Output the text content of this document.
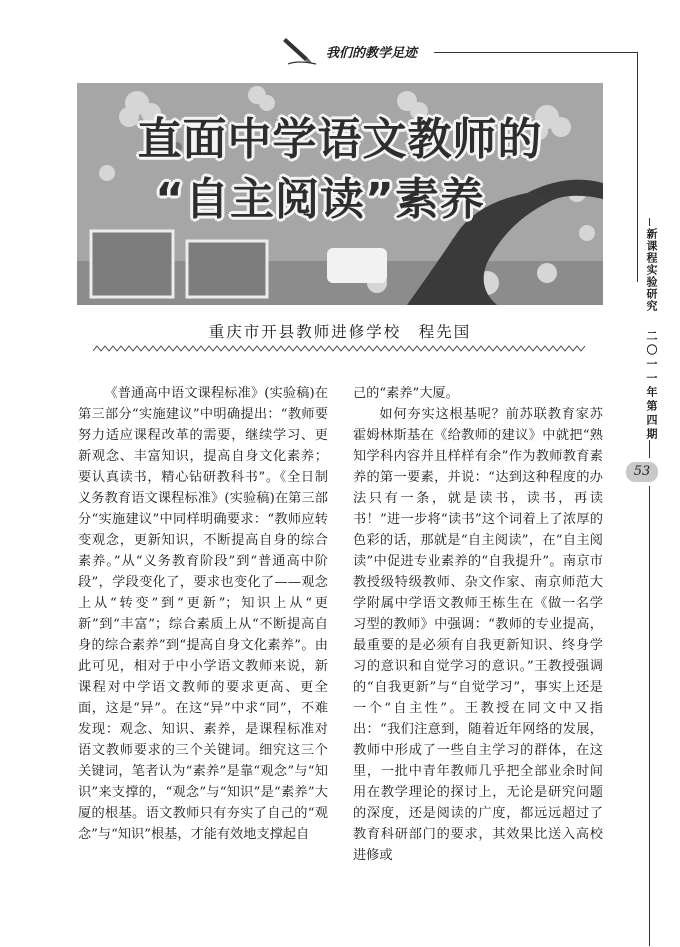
我们的教学足迹
直面中学语文教师的
“自主阅读”素养
重庆市开县教师进修学校　程先国

《普通高中语文课程标准》(实验稿)在第三部分“实施建议”中明确提出：“教师要努力适应课程改革的需要，继续学习、更新观念、丰富知识，提高自身文化素养；要认真读书，精心钻研教科书”。《全日制义务教育语文课程标准》(实验稿)在第三部分“实施建议”中同样明确要求：“教师应转变观念，更新知识，不断提高自身的综合素养。”从“义务教育阶段”到“普通高中阶段”，学段变化了，要求也变化了——观念上从“转变”到“更新”；知识上从“更新”到“丰富”；综合素质上从“不断提高自身的综合素养”到“提高自身文化素养”。由此可见，相对于中小学语文教师来说，新课程对中学语文教师的要求更高、更全面，这是“异”。在这“异”中求“同”，不难发现：观念、知识、素养，是课程标准对语文教师要求的三个关键词。细究这三个关键词，笔者认为“素养”是靠“观念”与“知识”来支撑的，“观念”与“知识”是“素养”大厦的根基。语文教师只有夯实了自己的“观念”与“知识”根基，才能有效地支撑起自

己的“素养”大厦。

如何夯实这根基呢？前苏联教育家苏霍姆林斯基在《给教师的建议》中就把“熟知学科内容并且样样有余”作为教师教育素养的第一要素，并说：“达到这种程度的办法只有一条，就是读书，读书，再读书！”进一步将“读书”这个词着上了浓厚的色彩的话，那就是“自主阅读”，在“自主阅读”中促进专业素养的“自我提升”。南京市教授级特级教师、杂文作家、南京师范大学附属中学语文教师王栋生在《做一名学习型的教师》中强调：“教师的专业提高，最重要的是必须有自我更新知识、终身学习的意识和自觉学习的意识。”王教授强调的“自我更新”与“自觉学习”，事实上还是一个“自主性”。王教授在同文中又指出：“我们注意到，随着近年网络的发展，教师中形成了一些自主学习的群体，在这里，一批中青年教师几乎把全部业余时间用在教学理论的探讨上，无论是研究问题的深度，还是阅读的广度，都远远超过了教育科研部门的要求，其效果比送入高校进修或

新课程实验研究
二〇一一年第四期
53
